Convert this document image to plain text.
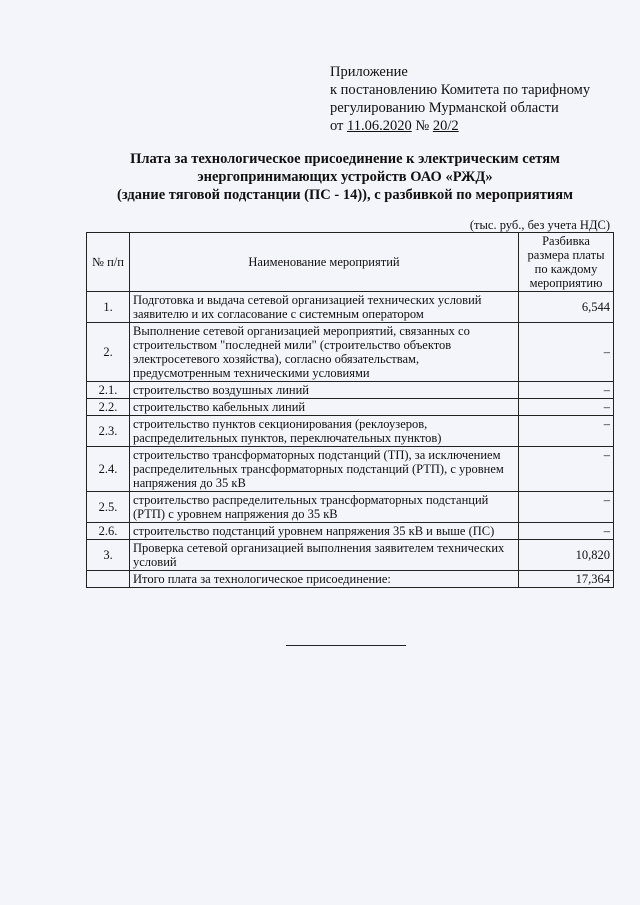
Приложение
к постановлению Комитета по тарифному
регулированию Мурманской области
от 11.06.2020 № 20/2
Плата за технологическое присоединение к электрическим сетям
энергопринимающих устройств ОАО «РЖД»
(здание тяговой подстанции (ПС - 14)), с разбивкой по мероприятиям
(тыс. руб., без учета НДС)
№ п/п	Наименование мероприятий	Разбивка размера платы по каждому мероприятию
1.	Подготовка и выдача сетевой организацией технических условий заявителю и их согласование с системным оператором	6,544
2.	Выполнение сетевой организацией мероприятий, связанных со строительством "последней мили" (строительство объектов электросетевого хозяйства), согласно обязательствам, предусмотренным техническими условиями	–
2.1.	строительство воздушных линий	–
2.2.	строительство кабельных линий	–
2.3.	строительство пунктов секционирования (реклоузеров, распределительных пунктов, переключательных пунктов)	–
2.4.	строительство трансформаторных подстанций (ТП), за исключением распределительных трансформаторных подстанций (РТП), с уровнем напряжения до 35 кВ	–
2.5.	строительство распределительных трансформаторных подстанций (РТП) с уровнем напряжения до 35 кВ	–
2.6.	строительство подстанций уровнем напряжения 35 кВ и выше (ПС)	–
3.	Проверка сетевой организацией выполнения заявителем технических условий	10,820
	Итого плата за технологическое присоединение:	17,364
